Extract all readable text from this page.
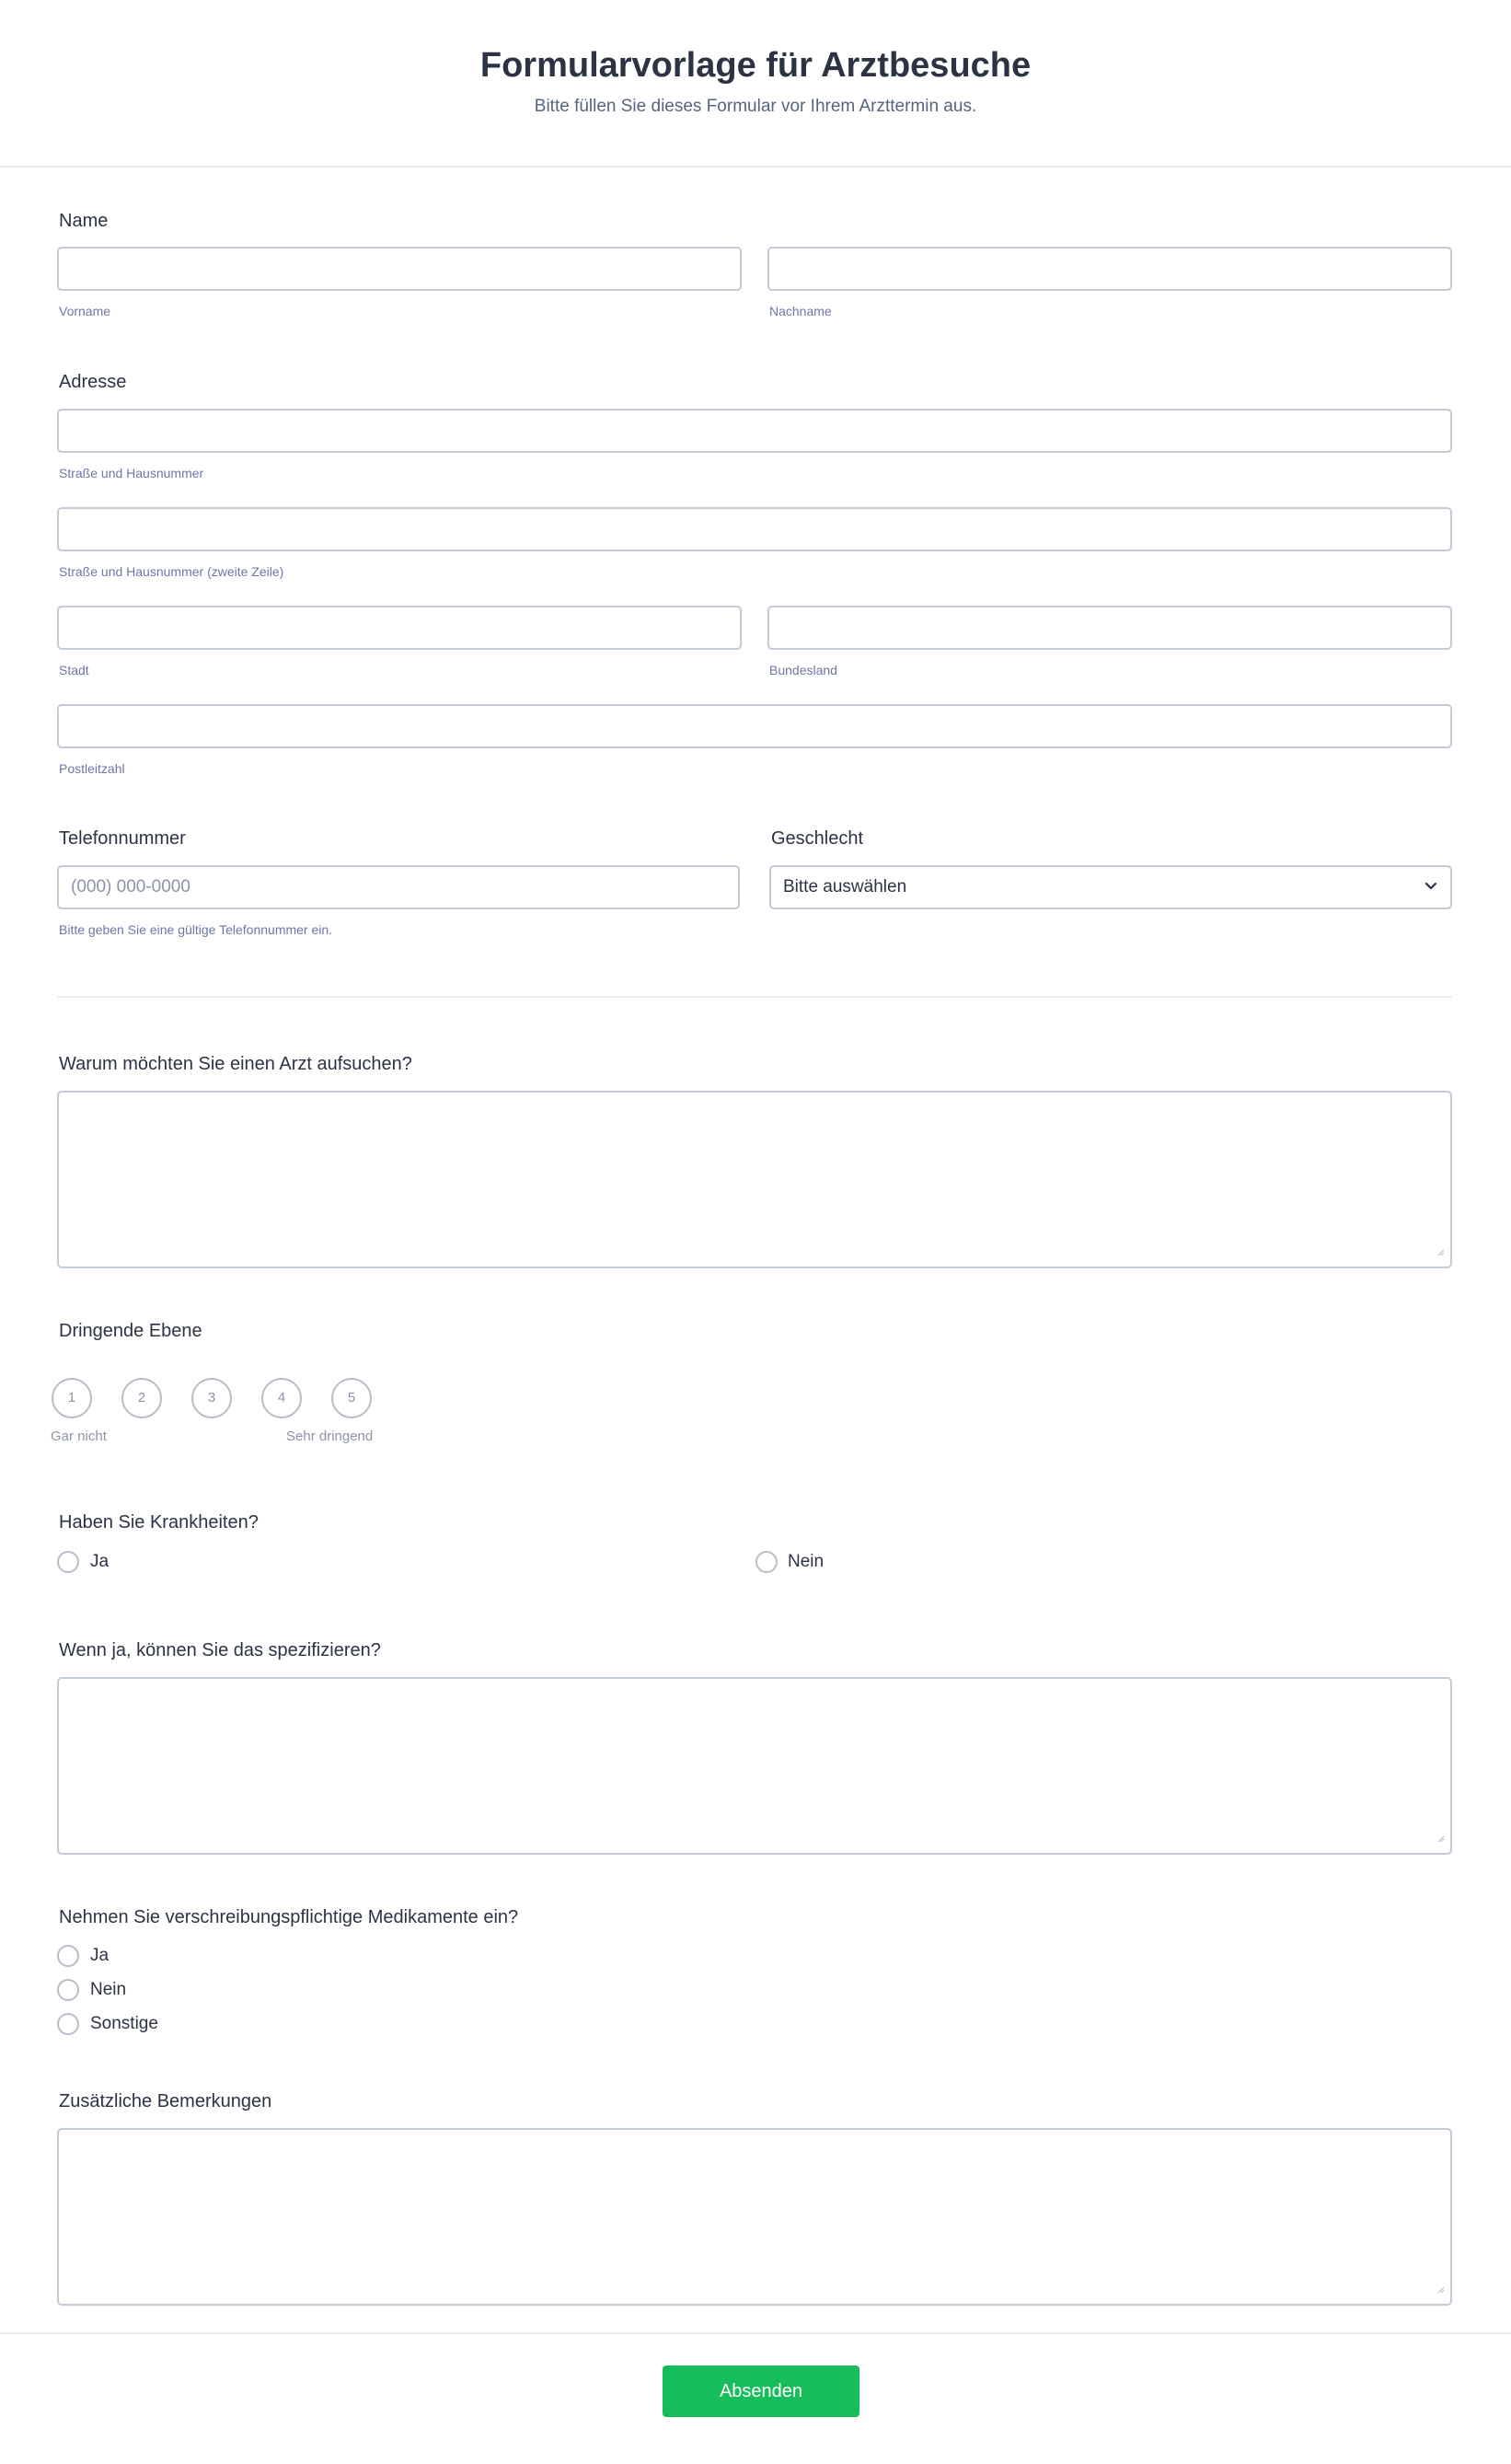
Formularvorlage für Arztbesuche

Bitte füllen Sie dieses Formular vor Ihrem Arzttermin aus.

Name
Vorname	Nachname
Adresse
Straße und Hausnummer
Straße und Hausnummer (zweite Zeile)
Stadt	Bundesland
Postleitzahl
Telefonnummer
(000) 000-0000
Bitte geben Sie eine gültige Telefonnummer ein.
Geschlecht
Bitte auswählen
Warum möchten Sie einen Arzt aufsuchen?
Dringende Ebene
1	2	3	4	5
Gar nicht	Sehr dringend
Haben Sie Krankheiten?
Ja	Nein
Wenn ja, können Sie das spezifizieren?
Nehmen Sie verschreibungspflichtige Medikamente ein?
Ja
Nein
Sonstige
Zusätzliche Bemerkungen
Absenden
